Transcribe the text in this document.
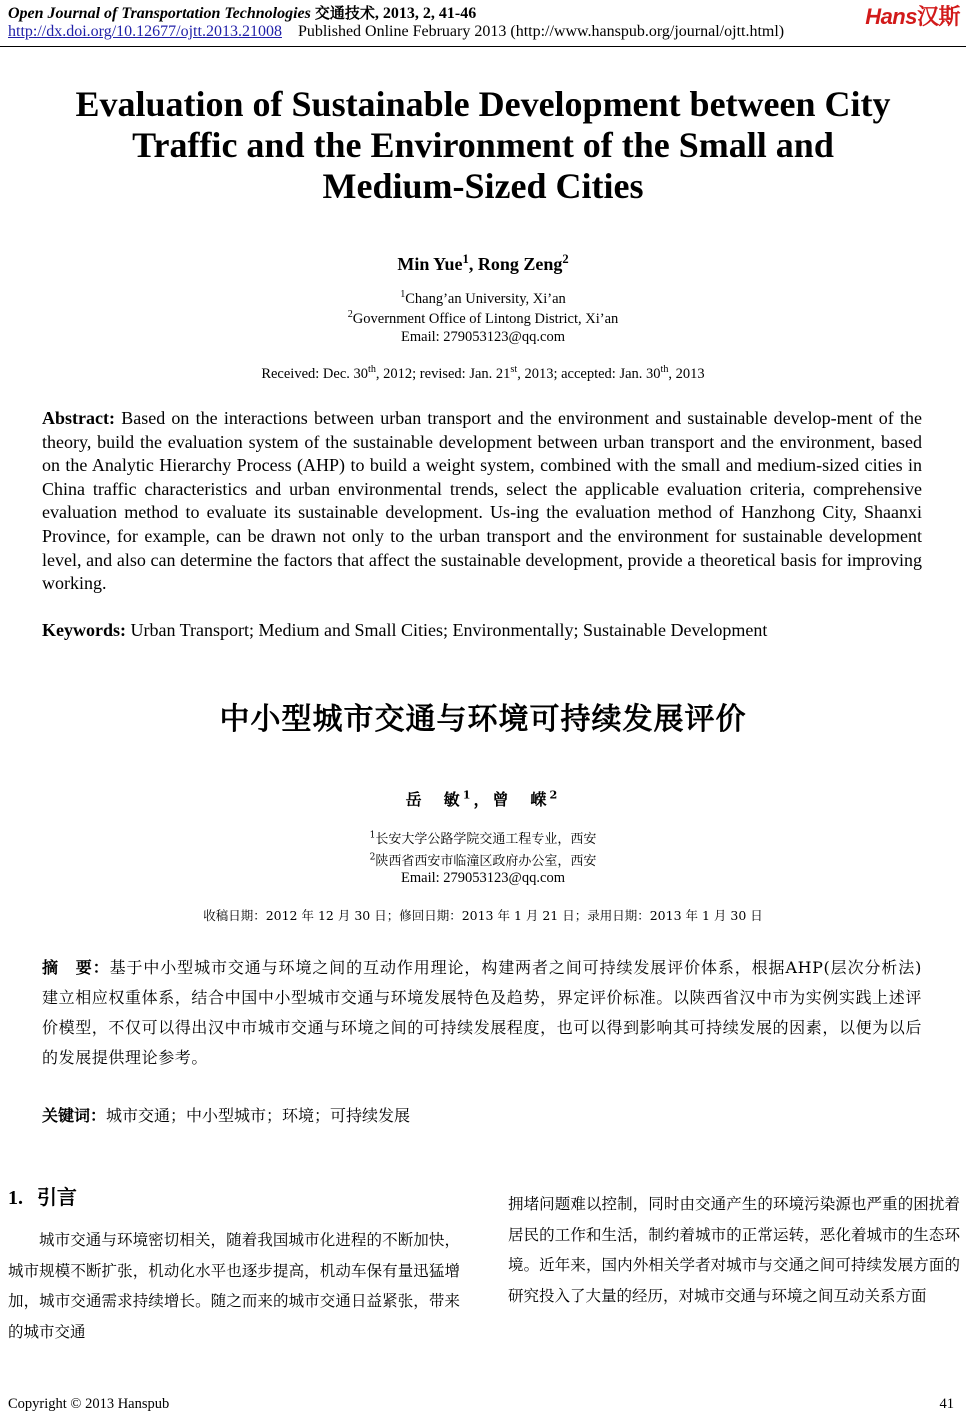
Open Journal of Transportation Technologies 交通技术, 2013, 2, 41-46	Hans汉斯
http://dx.doi.org/10.12677/ojtt.2013.21008 Published Online February 2013 (http://www.hanspub.org/journal/ojtt.html)
Evaluation of Sustainable Development between City
Traffic and the Environment of the Small and
Medium-Sized Cities
Min Yue$^1$, Rong Zeng$^2$
$^1$Chang’an University, Xi’an
$^2$Government Office of Lintong District, Xi’an
Email: 279053123@qq.com
Received: Dec. 30th, 2012; revised: Jan. 21st, 2013; accepted: Jan. 30th, 2013
Abstract: Based on the interactions between urban transport and the environment and sustainable develop-ment of the theory, build the evaluation system of the sustainable development between urban transport and the environment, based on the Analytic Hierarchy Process (AHP) to build a weight system, combined with the small and medium-sized cities in China traffic characteristics and urban environmental trends, select the applicable evaluation criteria, comprehensive evaluation method to evaluate its sustainable development. Us-ing the evaluation method of Hanzhong City, Shaanxi Province, for example, can be drawn not only to the urban transport and the environment for sustainable development level, and also can determine the factors that affect the sustainable development, provide a theoretical basis for improving working.
Keywords: Urban Transport; Medium and Small Cities; Environmentally; Sustainable Development
中小型城市交通与环境可持续发展评价
岳　敏$^1$，曾　嵘$^2$
$^1$长安大学公路学院交通工程专业，西安
$^2$陕西省西安市临潼区政府办公室，西安
Email: 279053123@qq.com
收稿日期：2012 年 12 月 30 日；修回日期：2013 年 1 月 21 日；录用日期：2013 年 1 月 30 日
摘　要：基于中小型城市交通与环境之间的互动作用理论，构建两者之间可持续发展评价体系，根据AHP(层次分析法)建立相应权重体系，结合中国中小型城市交通与环境发展特色及趋势，界定评价标准。以陕西省汉中市为实例实践上述评价模型，不仅可以得出汉中市城市交通与环境之间的可持续发展程度，也可以得到影响其可持续发展的因素，以便为以后的发展提供理论参考。
关键词：城市交通；中小型城市；环境；可持续发展
1. 引言
城市交通与环境密切相关，随着我国城市化进程的不断加快，城市规模不断扩张，机动化水平也逐步提高，机动车保有量迅猛增加，城市交通需求持续增长。随之而来的城市交通日益紧张，带来的城市交通
拥堵问题难以控制，同时由交通产生的环境污染源也严重的困扰着居民的工作和生活，制约着城市的正常运转，恶化着城市的生态环境。近年来，国内外相关学者对城市与交通之间可持续发展方面的研究投入了大量的经历，对城市交通与环境之间互动关系方面
Copyright © 2013 Hanspub	41
